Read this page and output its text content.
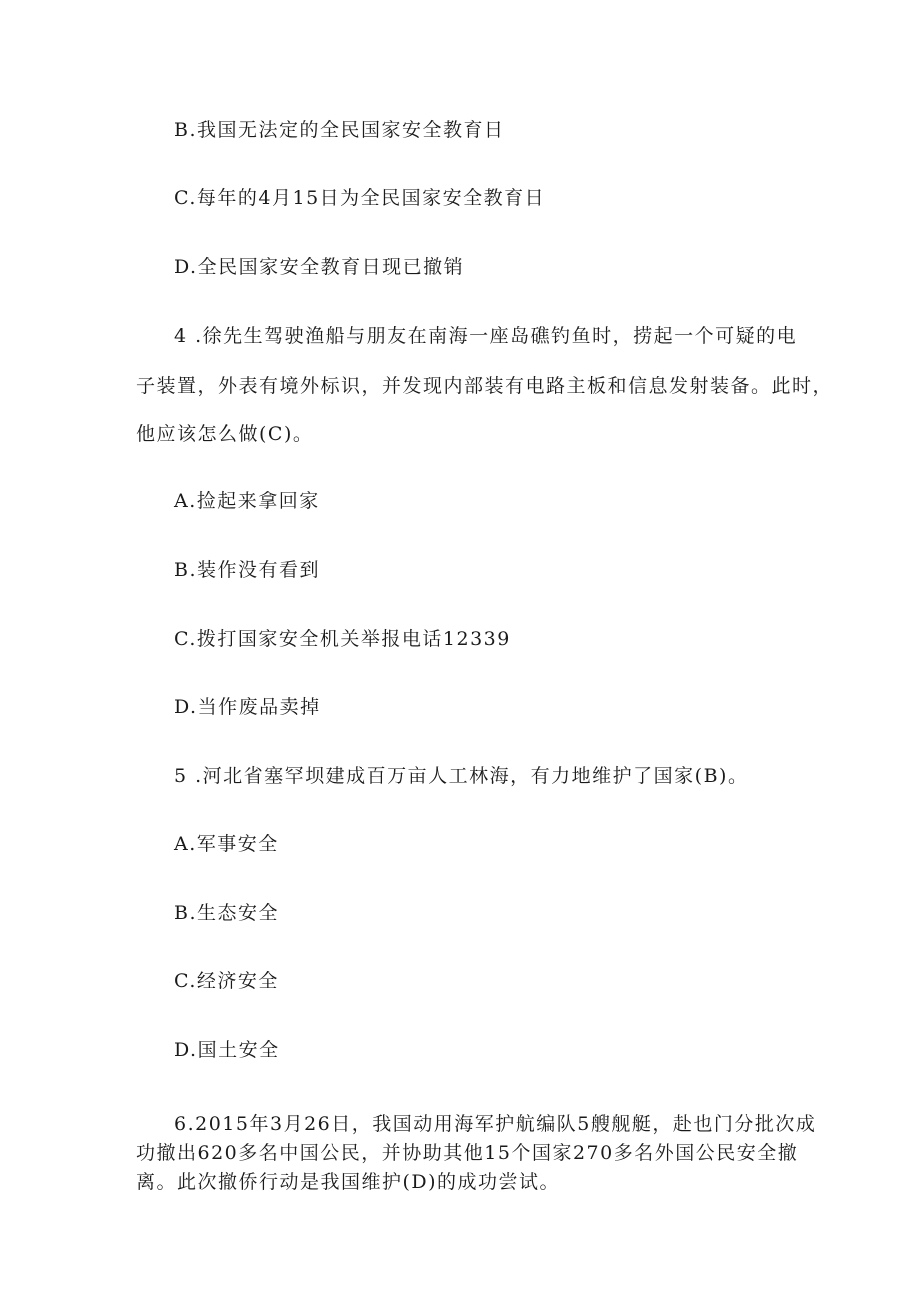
B.我国无法定的全民国家安全教育日

C.每年的4月15日为全民国家安全教育日

D.全民国家安全教育日现已撤销

4 .徐先生驾驶渔船与朋友在南海一座岛礁钓鱼时，捞起一个可疑的电

子装置，外表有境外标识，并发现内部装有电路主板和信息发射装备。此时，

他应该怎么做(C)。

A.捡起来拿回家

B.装作没有看到

C.拨打国家安全机关举报电话12339

D.当作废品卖掉

5 .河北省塞罕坝建成百万亩人工林海，有力地维护了国家(B)。

A.军事安全

B.生态安全

C.经济安全

D.国土安全

6.2015年3月26日，我国动用海军护航编队5艘舰艇，赴也门分批次成

功撤出620多名中国公民，并协助其他15个国家270多名外国公民安全撤

离。此次撤侨行动是我国维护(D)的成功尝试。
